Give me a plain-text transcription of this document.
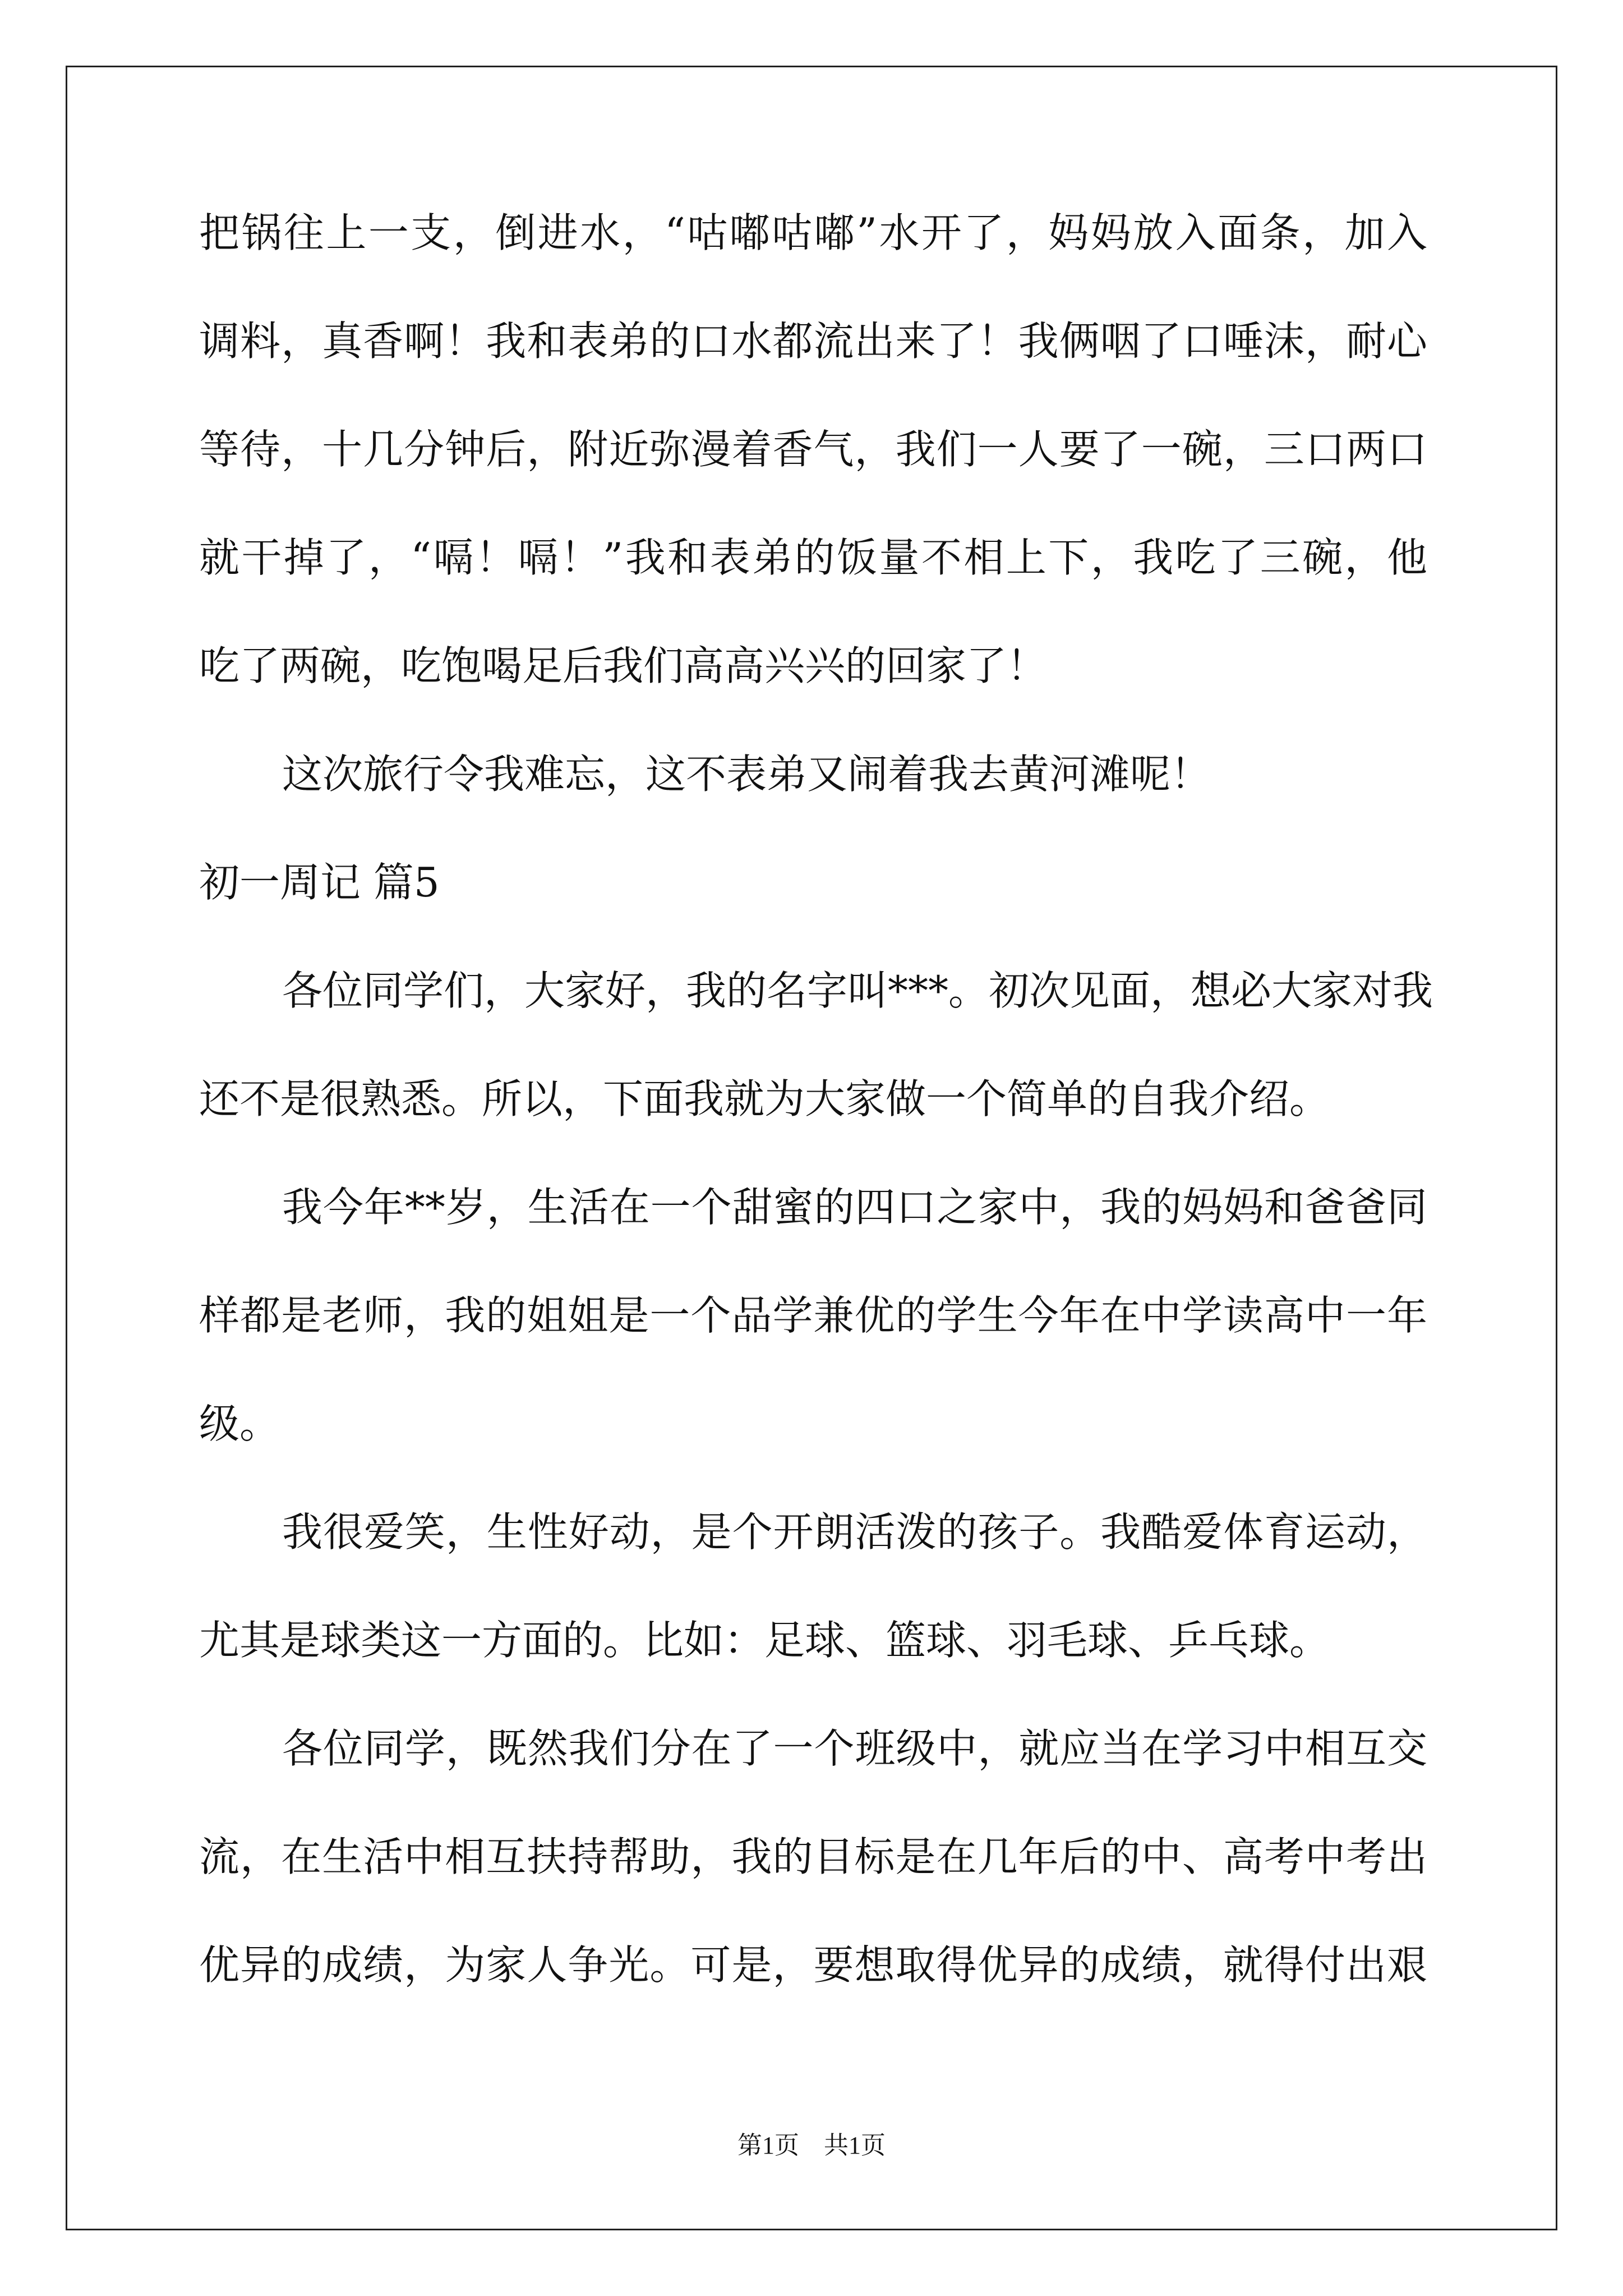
把锅往上一支，倒进水，“咕嘟咕嘟”水开了，妈妈放入面条，加入
调料，真香啊！我和表弟的口水都流出来了！我俩咽了口唾沫，耐心
等待，十几分钟后，附近弥漫着香气，我们一人要了一碗，三口两口
就干掉了，“嗝！嗝！”我和表弟的饭量不相上下，我吃了三碗，他
吃了两碗，吃饱喝足后我们高高兴兴的回家了！
这次旅行令我难忘，这不表弟又闹着我去黄河滩呢！
初一周记 篇5
各位同学们，大家好，我的名字叫***。初次见面，想必大家对我
还不是很熟悉。所以，下面我就为大家做一个简单的自我介绍。
我今年**岁，生活在一个甜蜜的四口之家中，我的妈妈和爸爸同
样都是老师，我的姐姐是一个品学兼优的学生今年在中学读高中一年
级。
我很爱笑，生性好动，是个开朗活泼的孩子。我酷爱体育运动，
尤其是球类这一方面的。比如：足球、篮球、羽毛球、乒乓球。
各位同学，既然我们分在了一个班级中，就应当在学习中相互交
流，在生活中相互扶持帮助，我的目标是在几年后的中、高考中考出
优异的成绩，为家人争光。可是，要想取得优异的成绩，就得付出艰
第1页　共1页
